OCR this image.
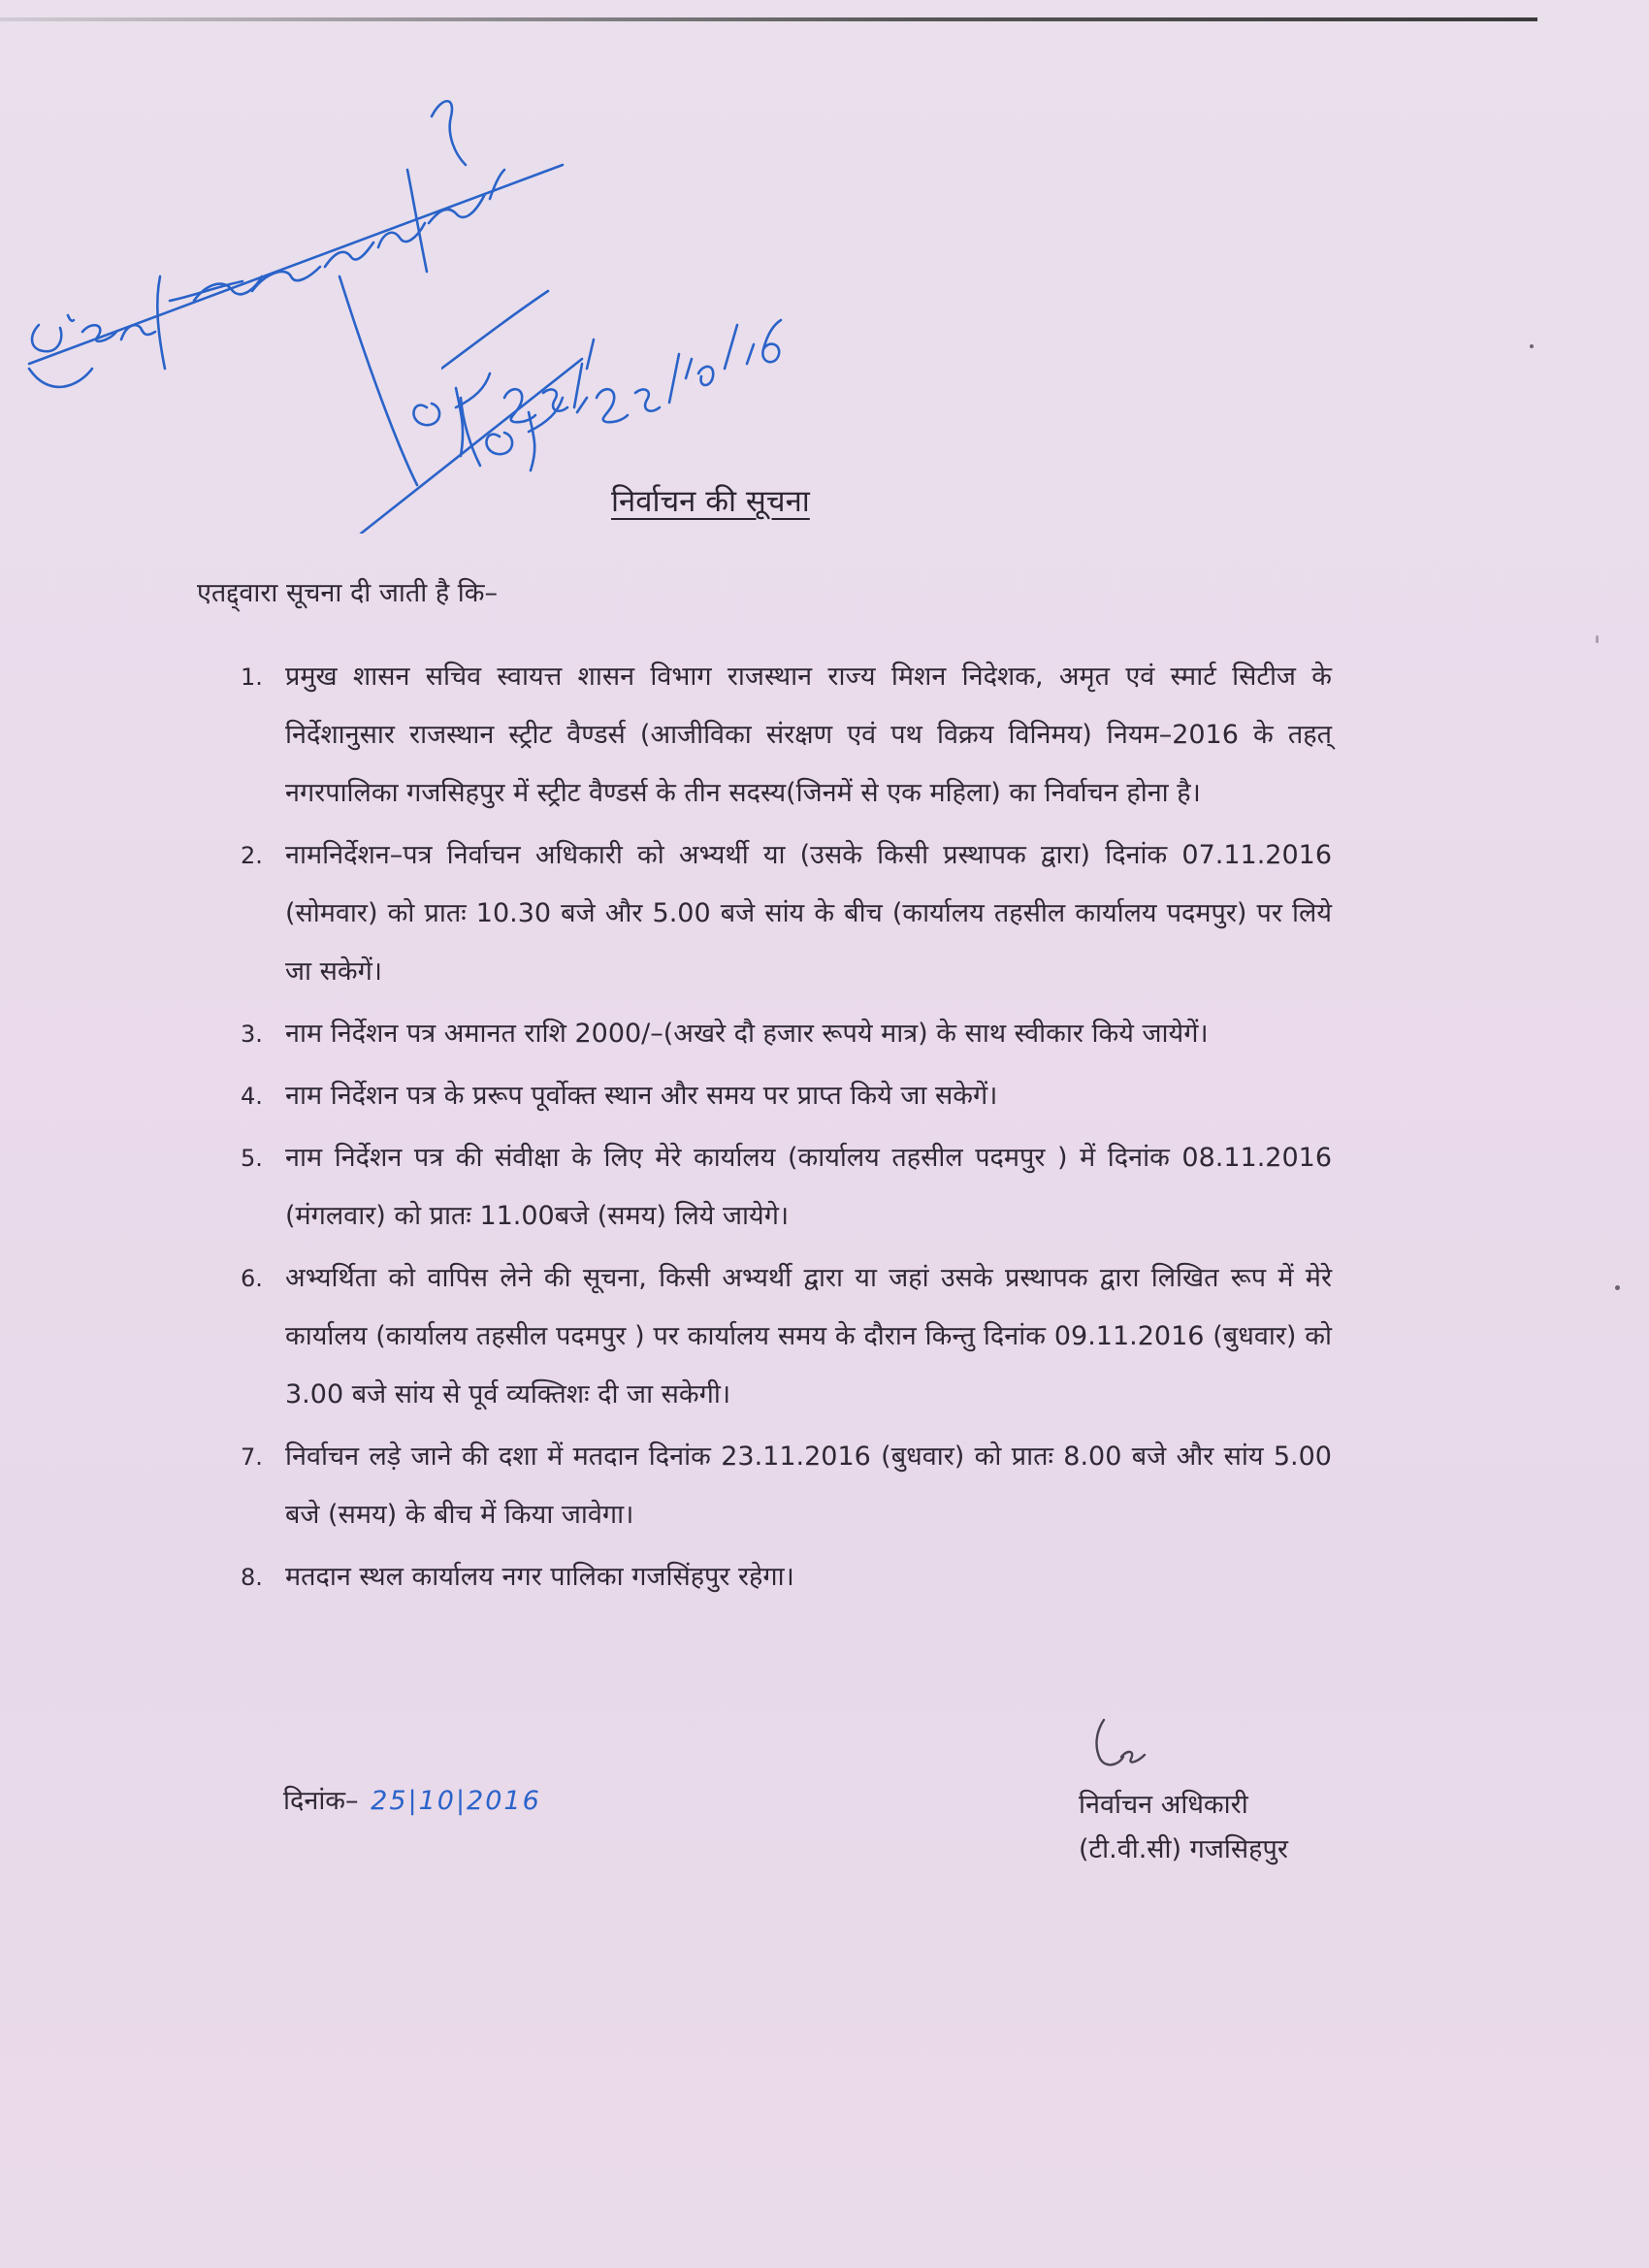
निर्वाचन की सूचना
एतद्द्वारा सूचना दी जाती है कि–
1. प्रमुख शासन सचिव स्वायत्त शासन विभाग राजस्थान राज्य मिशन निदेशक, अमृत एवं स्मार्ट सिटीज के निर्देशानुसार राजस्थान स्ट्रीट वैण्डर्स (आजीविका संरक्षण एवं पथ विक्रय विनिमय) नियम–2016 के तहत् नगरपालिका गजसिहपुर में स्ट्रीट वैण्डर्स के तीन सदस्य(जिनमें से एक महिला) का निर्वाचन होना है।
2. नामनिर्देशन–पत्र निर्वाचन अधिकारी को अभ्यर्थी या (उसके किसी प्रस्थापक द्वारा) दिनांक 07.11.2016 (सोमवार) को प्रातः 10.30 बजे और 5.00 बजे सांय के बीच (कार्यालय तहसील कार्यालय पदमपुर) पर लिये जा सकेगें।
3. नाम निर्देशन पत्र अमानत राशि 2000/–(अखरे दौ हजार रूपये मात्र) के साथ स्वीकार किये जायेगें।
4. नाम निर्देशन पत्र के प्ररूप पूर्वोक्त स्थान और समय पर प्राप्त किये जा सकेगें।
5. नाम निर्देशन पत्र की संवीक्षा के लिए मेरे कार्यालय (कार्यालय तहसील पदमपुर ) में दिनांक 08.11.2016 (मंगलवार) को प्रातः 11.00बजे (समय) लिये जायेगे।
6. अभ्यर्थिता को वापिस लेने की सूचना, किसी अभ्यर्थी द्वारा या जहां उसके प्रस्थापक द्वारा लिखित रूप में मेरे कार्यालय (कार्यालय तहसील पदमपुर ) पर कार्यालय समय के दौरान किन्तु दिनांक 09.11.2016 (बुधवार) को 3.00 बजे सांय से पूर्व व्यक्तिशः दी जा सकेगी।
7. निर्वाचन लड़े जाने की दशा में मतदान दिनांक 23.11.2016 (बुधवार) को प्रातः 8.00 बजे और सांय 5.00 बजे (समय) के बीच में किया जावेगा।
8. मतदान स्थल कार्यालय नगर पालिका गजसिंहपुर रहेगा।
दिनांक– 25|10|2016	निर्वाचन अधिकारी
(टी.वी.सी) गजसिहपुर
